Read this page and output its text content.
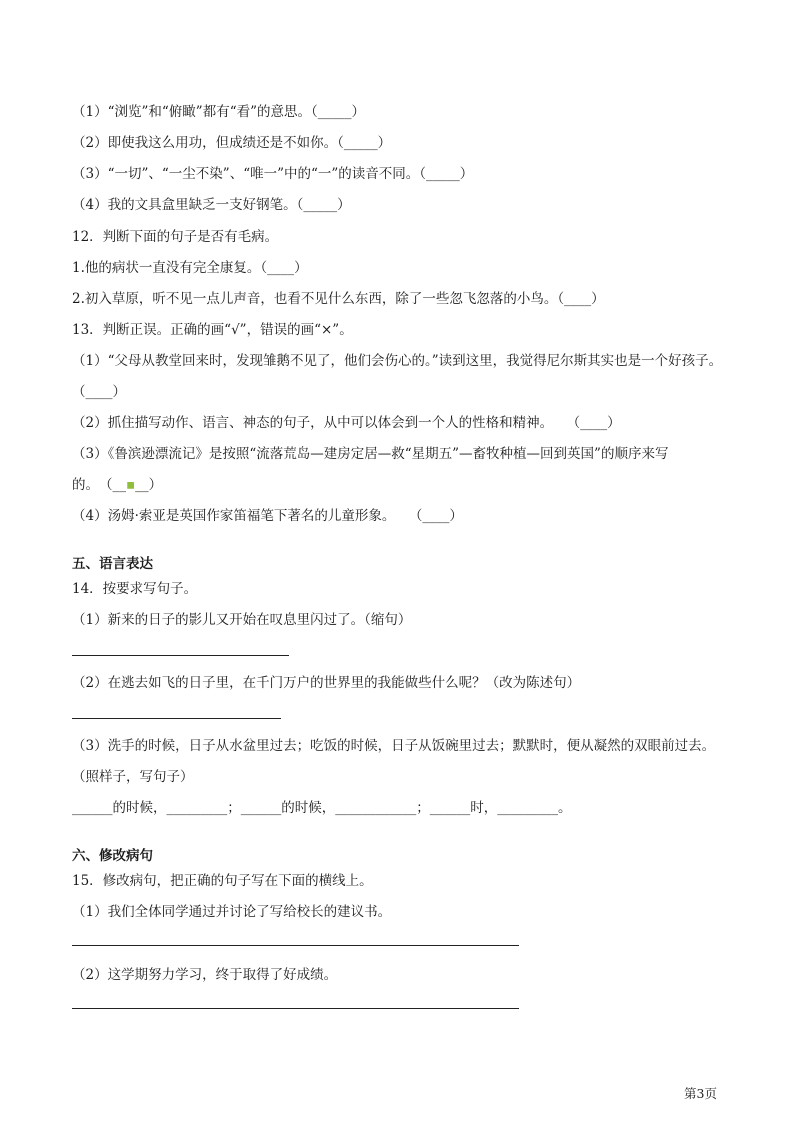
（1）“浏览”和“俯瞰”都有“看”的意思。（_____）
（2）即使我这么用功，但成绩还是不如你。（_____）
（3）“一切”、“一尘不染”、“唯一”中的“一”的读音不同。（_____）
（4）我的文具盒里缺乏一支好钢笔。（_____）
12．判断下面的句子是否有毛病。
1.他的病状一直没有完全康复。（____）
2.初入草原，听不见一点儿声音，也看不见什么东西，除了一些忽飞忽落的小鸟。（____）
13．判断正误。正确的画“√”，错误的画“×”。
（1）“父母从教堂回来时，发现雏鹅不见了，他们会伤心的。”读到这里，我觉得尼尔斯其实也是一个好孩子。
（____）
（2）抓住描写动作、语言、神态的句子，从中可以体会到一个人的性格和精神。　　（____）
（3）《鲁滨逊漂流记》是按照“流落荒岛—建房定居—救“星期五”—畜牧种植—回到英国”的顺序来写
的。　（__▪__）
（4）汤姆·索亚是英国作家笛福笔下著名的儿童形象。　　（____）
五、语言表达
14．按要求写句子。
（1）新来的日子的影儿又开始在叹息里闪过了。（缩句）
（2）在逃去如飞的日子里，在千门万户的世界里的我能做些什么呢？（改为陈述句）
（3）洗手的时候，日子从水盆里过去；吃饭的时候，日子从饭碗里过去；默默时，便从凝然的双眼前过去。
（照样子，写句子）
______的时候，_________；______的时候，____________；______时，_________。
六、修改病句
15．修改病句，把正确的句子写在下面的横线上。
（1）我们全体同学通过并讨论了写给校长的建议书。
（2）这学期努力学习，终于取得了好成绩。
第3页
